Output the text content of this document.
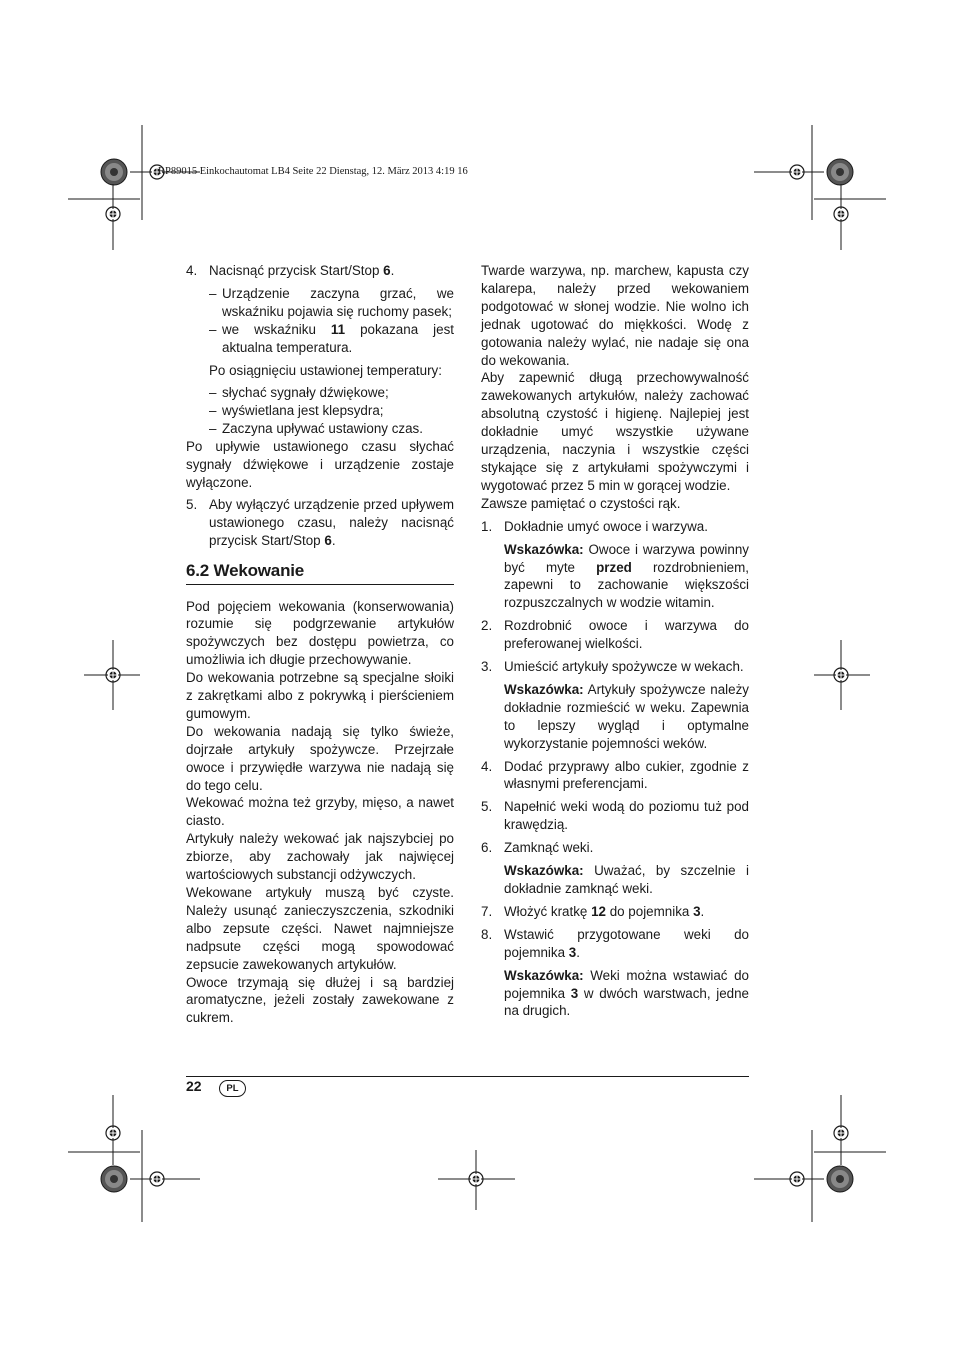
RP89015 Einkochautomat LB4 Seite 22 Dienstag, 12. März 2013 4:19 16

4. Nacisnąć przycisk Start/Stop 6.

– Urządzenie zaczyna grzać, we wskaźniku pojawia się ruchomy pasek;

– we wskaźniku 11 pokazana jest aktualna temperatura.

Po osiągnięciu ustawionej temperatury:

– słychać sygnały dźwiękowe;

– wyświetlana jest klepsydra;

– Zaczyna upływać ustawiony czas.

Po upływie ustawionego czasu słychać sygnały dźwiękowe i urządzenie zostaje wyłączone.

5. Aby wyłączyć urządzenie przed upływem ustawionego czasu, należy nacisnąć przycisk Start/Stop 6.

6.2 Wekowanie

Pod pojęciem wekowania (konserwowania) rozumie się podgrzewanie artykułów spożywczych bez dostępu powietrza, co umożliwia ich długie przechowywanie.

Do wekowania potrzebne są specjalne słoiki z zakrętkami albo z pokrywką i pierścieniem gumowym.

Do wekowania nadają się tylko świeże, dojrzałe artykuły spożywcze. Przejrzałe owoce i przywiędłe warzywa nie nadają się do tego celu.

Wekować można też grzyby, mięso, a nawet ciasto.

Artykuły należy wekować jak najszybciej po zbiorze, aby zachowały jak najwięcej wartościowych substancji odżywczych.

Wekowane artykuły muszą być czyste. Należy usunąć zanieczyszczenia, szkodniki albo zepsute części. Nawet najmniejsze nadpsute części mogą spowodować zepsucie zawekowanych artykułów.

Owoce trzymają się dłużej i są bardziej aromatyczne, jeżeli zostały zawekowane z cukrem.

Twarde warzywa, np. marchew, kapusta czy kalarepa, należy przed wekowaniem podgotować w słonej wodzie. Nie wolno ich jednak ugotować do miękkości. Wodę z gotowania należy wylać, nie nadaje się ona do wekowania.

Aby zapewnić długą przechowywalność zawekowanych artykułów, należy zachować absolutną czystość i higienę. Najlepiej jest dokładnie umyć wszystkie używane urządzenia, naczynia i wszystkie części stykające się z artykułami spożywczymi i wygotować przez 5 min w gorącej wodzie.

Zawsze pamiętać o czystości rąk.

1. Dokładnie umyć owoce i warzywa.

Wskazówka: Owoce i warzywa powinny być myte przed rozdrobnieniem, zapewni to zachowanie większości rozpuszczalnych w wodzie witamin.

2. Rozdrobnić owoce i warzywa do preferowanej wielkości.

3. Umieścić artykuły spożywcze w wekach.

Wskazówka: Artykuły spożywcze należy dokładnie rozmieścić w weku. Zapewnia to lepszy wygląd i optymalne wykorzystanie pojemności weków.

4. Dodać przyprawy albo cukier, zgodnie z własnymi preferencjami.

5. Napełnić weki wodą do poziomu tuż pod krawędzią.

6. Zamknąć weki.

Wskazówka: Uważać, by szczelnie i dokładnie zamknąć weki.

7. Włożyć kratkę 12 do pojemnika 3.

8. Wstawić przygotowane weki do pojemnika 3.

Wskazówka: Weki można wstawiać do pojemnika 3 w dwóch warstwach, jedne na drugich.

22	PL
